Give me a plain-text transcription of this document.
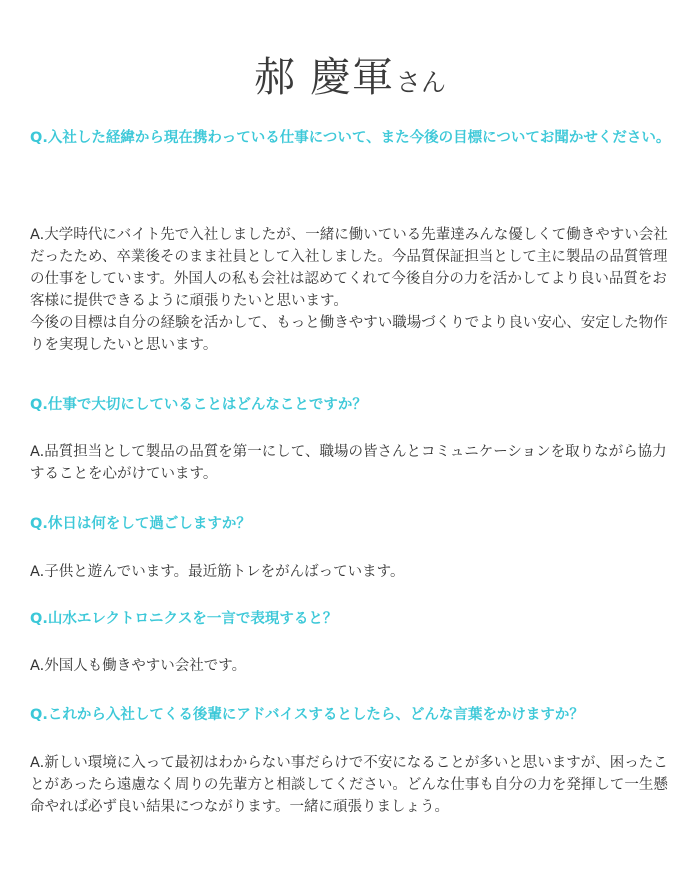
郝 慶軍さん

Q.入社した経緯から現在携わっている仕事について、また今後の目標についてお聞かせください。

A.大学時代にバイト先で入社しましたが、一緒に働いている先輩達みんな優しくて働きやすい会社だったため、卒業後そのまま社員として入社しました。今品質保証担当として主に製品の品質管理の仕事をしています。外国人の私も会社は認めてくれて今後自分の力を活かしてより良い品質をお客様に提供できるように頑張りたいと思います。
今後の目標は自分の経験を活かして、もっと働きやすい職場づくりでより良い安心、安定した物作りを実現したいと思います。

Q.仕事で大切にしていることはどんなことですか？

A.品質担当として製品の品質を第一にして、職場の皆さんとコミュニケーションを取りながら協力することを心がけています。

Q.休日は何をして過ごしますか？

A.子供と遊んでいます。最近筋トレをがんばっています。

Q.山水エレクトロニクスを一言で表現すると？

A.外国人も働きやすい会社です。

Q.これから入社してくる後輩にアドバイスするとしたら、どんな言葉をかけますか？

A.新しい環境に入って最初はわからない事だらけで不安になることが多いと思いますが、困ったことがあったら遠慮なく周りの先輩方と相談してください。どんな仕事も自分の力を発揮して一生懸命やれば必ず良い結果につながります。一緒に頑張りましょう。
